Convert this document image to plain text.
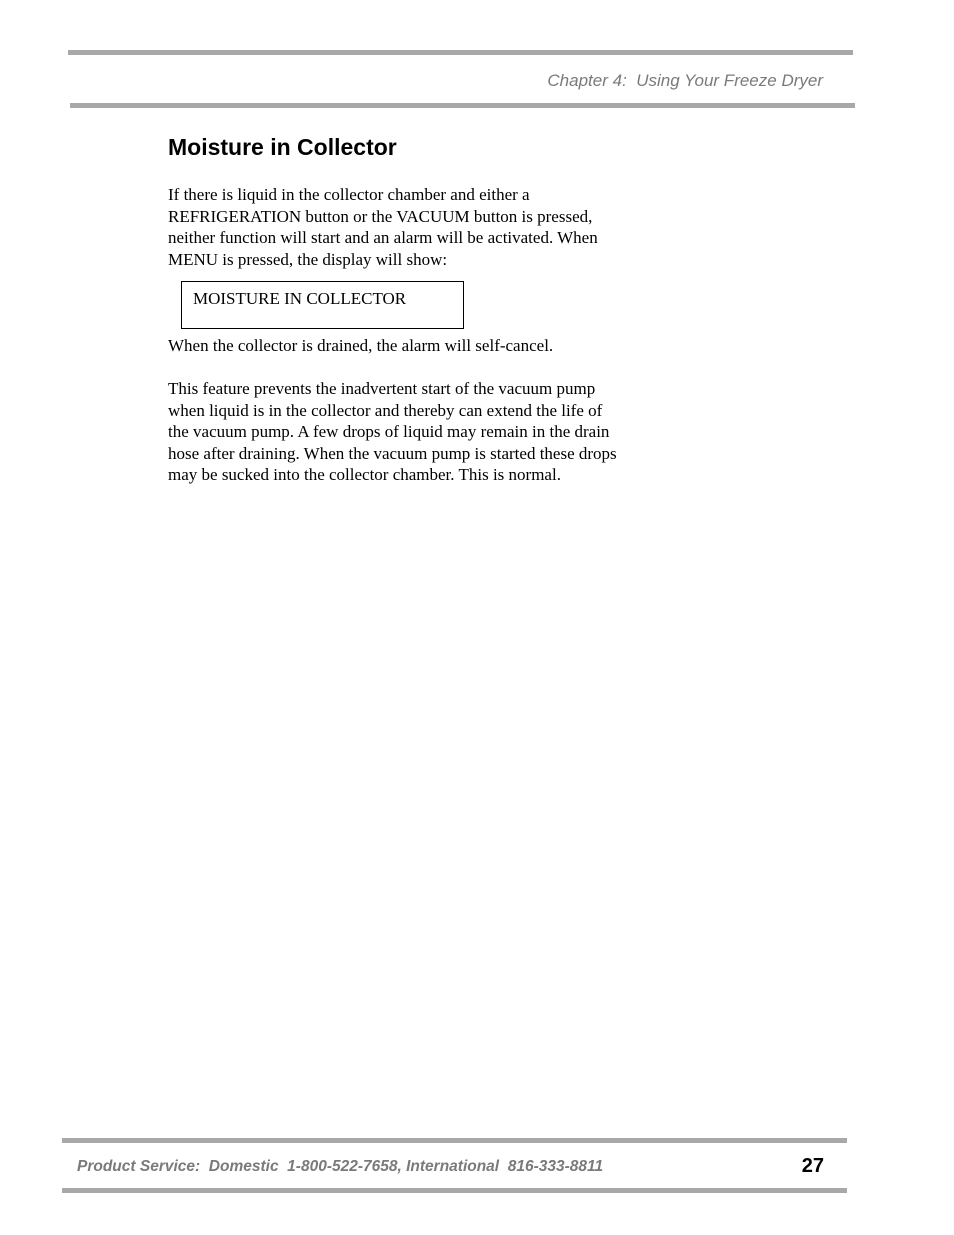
Chapter 4:  Using Your Freeze Dryer
Moisture in Collector

If there is liquid in the collector chamber and either a
REFRIGERATION button or the VACUUM button is pressed,
neither function will start and an alarm will be activated. When
MENU is pressed, the display will show:

MOISTURE IN COLLECTOR

When the collector is drained, the alarm will self-cancel.

This feature prevents the inadvertent start of the vacuum pump
when liquid is in the collector and thereby can extend the life of
the vacuum pump. A few drops of liquid may remain in the drain
hose after draining. When the vacuum pump is started these drops
may be sucked into the collector chamber. This is normal.

Product Service:  Domestic  1-800-522-7658, International  816-333-8811	27
